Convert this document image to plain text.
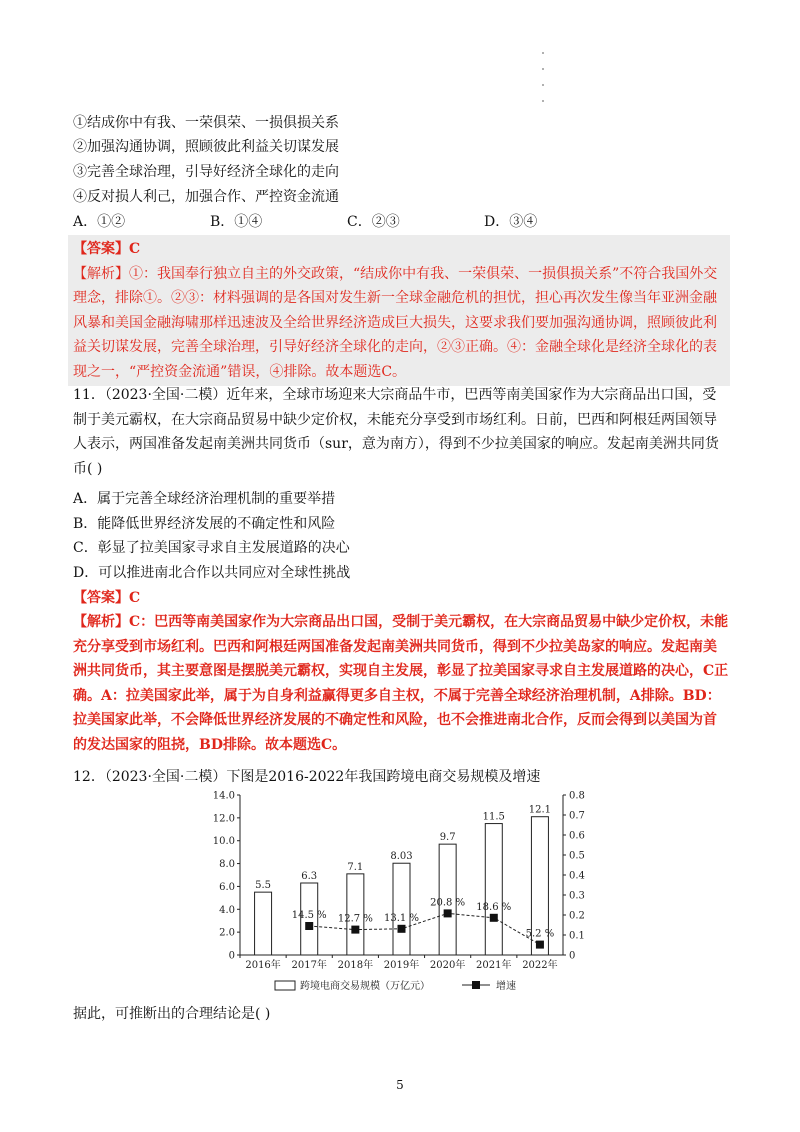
①结成你中有我、一荣俱荣、一损俱损关系
②加强沟通协调，照顾彼此利益关切谋发展
③完善全球治理，引导好经济全球化的走向
④反对损人利己，加强合作、严控资金流通
A．①②	B．①④	C．②③	D．③④
【答案】C
【解析】①：我国奉行独立自主的外交政策，“结成你中有我、一荣俱荣、一损俱损关系”不符合我国外交理念，排除①。②③：材料强调的是各国对发生新一全球金融危机的担忧，担心再次发生像当年亚洲金融风暴和美国金融海啸那样迅速波及全给世界经济造成巨大损失，这要求我们要加强沟通协调，照顾彼此利益关切谋发展，完善全球治理，引导好经济全球化的走向，②③正确。④：金融全球化是经济全球化的表现之一，“严控资金流通”错误，④排除。故本题选C。
11．（2023·全国·二模）近年来，全球市场迎来大宗商品牛市，巴西等南美国家作为大宗商品出口国，受制于美元霸权，在大宗商品贸易中缺少定价权，未能充分享受到市场红利。日前，巴西和阿根廷两国领导人表示，两国准备发起南美洲共同货币（sur，意为南方），得到不少拉美国家的响应。发起南美洲共同货币( )
A．属于完善全球经济治理机制的重要举措
B．能降低世界经济发展的不确定性和风险
C．彰显了拉美国家寻求自主发展道路的决心
D．可以推进南北合作以共同应对全球性挑战
【答案】C
【解析】C：巴西等南美国家作为大宗商品出口国，受制于美元霸权，在大宗商品贸易中缺少定价权，未能充分享受到市场红利。巴西和阿根廷两国准备发起南美洲共同货币，得到不少拉美岛家的响应。发起南美洲共同货币，其主要意图是摆脱美元霸权，实现自主发展，彰显了拉美国家寻求自主发展道路的决心，C正确。A：拉美国家此举，属于为自身利益赢得更多自主权，不属于完善全球经济治理机制，A排除。BD：拉美国家此举，不会降低世界经济发展的不确定性和风险，也不会推进南北合作，反而会得到以美国为首的发达国家的阻挠，BD排除。故本题选C。
12．（2023·全国·二模）下图是2016-2022年我国跨境电商交易规模及增速
0
2.0
4.0
6.0
8.0
10.0
12.0
14.0
0
0.1
0.2
0.3
0.4
0.5
0.6
0.7
0.8
5.5
6.3
7.1
8.03
9.7
11.5
12.1
2016年 2017年 2018年 2019年 2020年 2021年 2022年
14.5 % 12.7 % 13.1 %
20.8 % 18.6 %
5.2 %
跨境电商交易规模（万亿元）	增速
据此，可推断出的合理结论是( )
5
